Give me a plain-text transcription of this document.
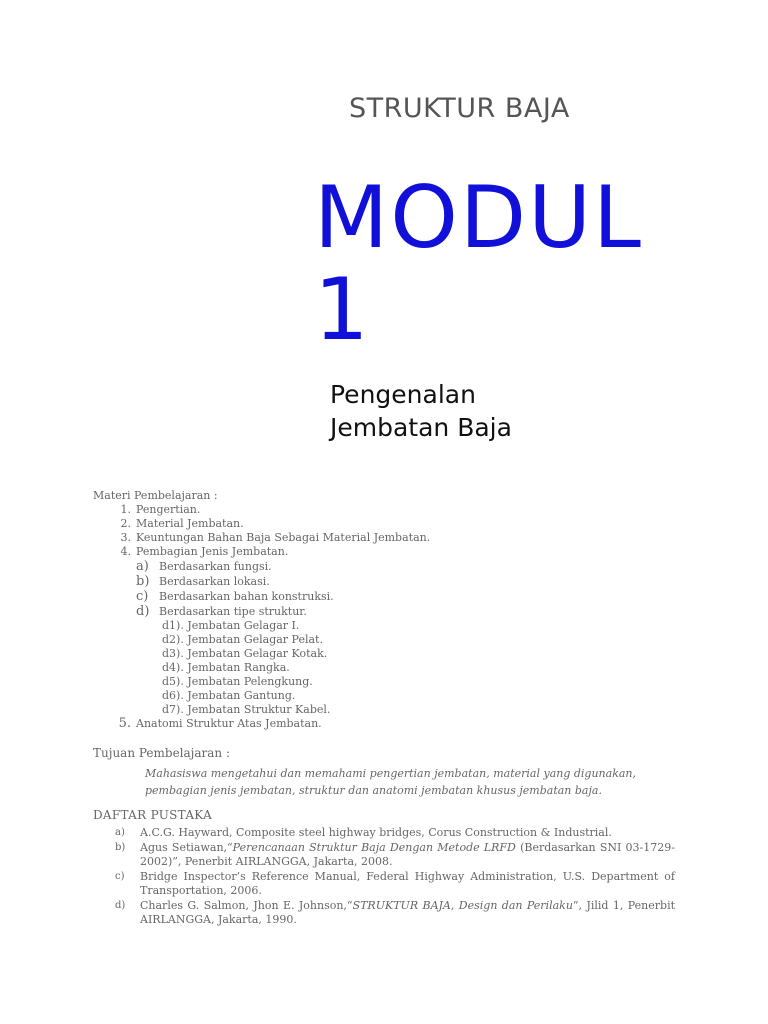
STRUKTUR BAJA
MODUL
1
Pengenalan
Jembatan Baja
Materi Pembelajaran :
1. Pengertian.
2. Material Jembatan.
3. Keuntungan Bahan Baja Sebagai Material Jembatan.
4. Pembagian Jenis Jembatan.
a) Berdasarkan fungsi.
b) Berdasarkan lokasi.
c) Berdasarkan bahan konstruksi.
d) Berdasarkan tipe struktur.
d1). Jembatan Gelagar I.
d2). Jembatan Gelagar Pelat.
d3). Jembatan Gelagar Kotak.
d4). Jembatan Rangka.
d5). Jembatan Pelengkung.
d6). Jembatan Gantung.
d7). Jembatan Struktur Kabel.
5. Anatomi Struktur Atas Jembatan.
Tujuan Pembelajaran :

Mahasiswa mengetahui dan memahami pengertian jembatan, material yang digunakan, pembagian jenis jembatan, struktur dan anatomi jembatan khusus jembatan baja.

DAFTAR PUSTAKA
a) A.C.G. Hayward, Composite steel highway bridges, Corus Construction & Industrial.
b) Agus Setiawan,“Perencanaan Struktur Baja Dengan Metode LRFD (Berdasarkan SNI 03-1729-2002)”, Penerbit AIRLANGGA, Jakarta, 2008.
c) Bridge Inspector’s Reference Manual, Federal Highway Administration, U.S. Department of Transportation, 2006.
d) Charles G. Salmon, Jhon E. Johnson,“STRUKTUR BAJA, Design dan Perilaku”, Jilid 1, Penerbit AIRLANGGA, Jakarta, 1990.
